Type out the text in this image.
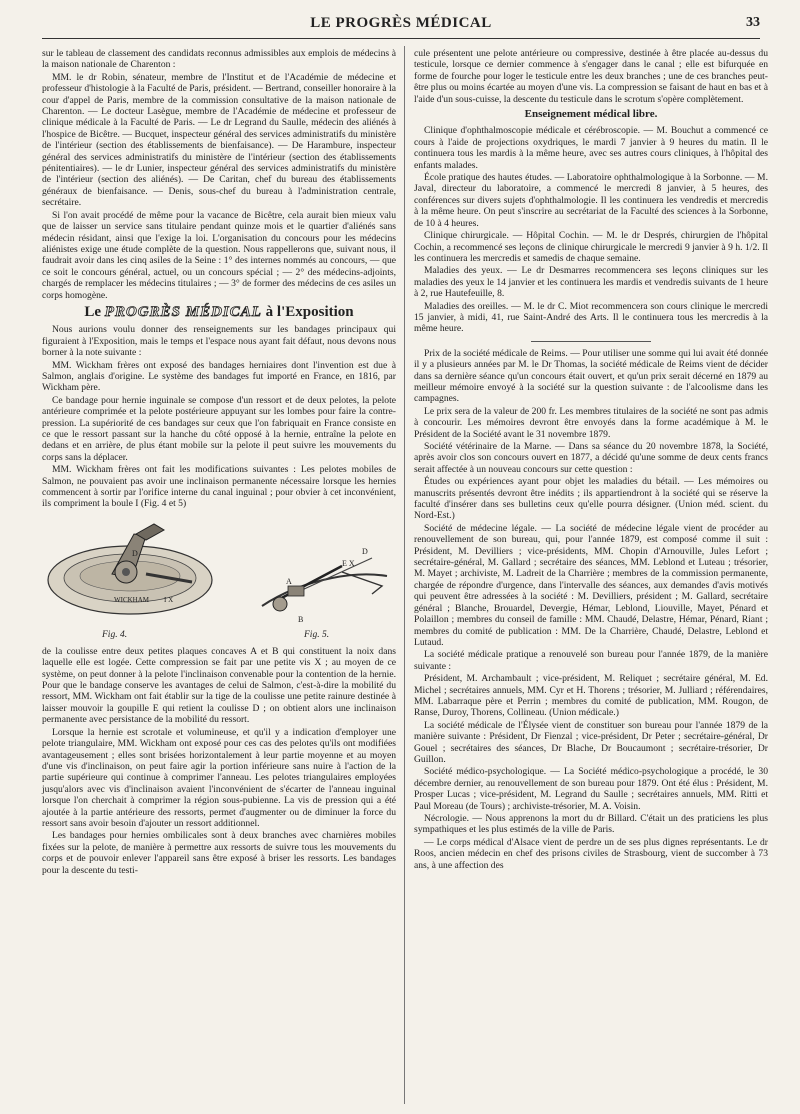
LE PROGRÈS MÉDICAL	33

sur le tableau de classement des candidats reconnus admissibles aux emplois de médecins à la maison nationale de Charenton :

MM. le dr Robin, sénateur, membre de l'Institut et de l'Académie de médecine et professeur d'histologie à la Faculté de Paris, président. — Bertrand, conseiller honoraire à la cour d'appel de Paris, membre de la commission consultative de la maison nationale de Charenton. — Le docteur Lasègue, membre de l'Académie de médecine et professeur de clinique médicale à la Faculté de Paris. — Le dr Legrand du Saulle, médecin des aliénés à l'hospice de Bicêtre. — Bucquet, inspecteur général des services administratifs du ministère de l'intérieur (section des établissements de bienfaisance). — De Harambure, inspecteur général des services administratifs du ministère de l'intérieur (section des établissements pénitentiaires). — le dr Lunier, inspecteur général des services administratifs du ministère de l'intérieur (section des aliénés). — De Caritan, chef du bureau des établissements généraux de bienfaisance. — Denis, sous-chef du bureau à l'administration centrale, secrétaire.

Si l'on avait procédé de même pour la vacance de Bicêtre, cela aurait bien mieux valu que de laisser un service sans titulaire pendant quinze mois et le quartier d'aliénés sans médecin résidant, ainsi que l'exige la loi. L'organisation du concours pour les médecins aliénistes exige une étude complète de la question. Nous rappellerons que, suivant nous, il faudrait avoir dans les cinq asiles de la Seine : 1° des internes nommés au concours, — que ce soit le concours général, actuel, ou un concours spécial ; — 2° des médecins-adjoints, chargés de remplacer les médecins titulaires ; — 3° de former des médecins de ces asiles un corps homogène.

Le PROGRÈS MÉDICAL à l'Exposition

Nous aurions voulu donner des renseignements sur les bandages principaux qui figuraient à l'Exposition, mais le temps et l'espace nous ayant fait défaut, nous devons nous borner à la note suivante :

MM. Wickham frères ont exposé des bandages herniaires dont l'invention est due à Salmon, anglais d'origine. Le système des bandages fut importé en France, en 1816, par Wickham père.

Ce bandage pour hernie inguinale se compose d'un ressort et de deux pelotes, la pelote antérieure comprimée et la pelote postérieure appuyant sur les lombes pour faire la contre-pression. La supériorité de ces bandages sur ceux que l'on fabriquait en France consiste en ce que le ressort passant sur la hanche du côté opposé à la hernie, entraîne la pelote en dedans et en arrière, de plus étant mobile sur la pelote il peut suivre les mouvements du corps sans la déplacer.

MM. Wickham frères ont fait les modifications suivantes : Les pelotes mobiles de Salmon, ne pouvaient pas avoir une inclinaison permanente nécessaire lorsque les hernies commencent à sortir par l'orifice interne du canal inguinal ; pour obvier à cet inconvénient, ils compriment la boule I (Fig. 4 et 5)

D
WICKHAM I X
D
E X
A
B
Fig. 4.	Fig. 5.

de la coulisse entre deux petites plaques concaves A et B qui constituent la noix dans laquelle elle est logée. Cette compression se fait par une petite vis X ; au moyen de ce système, on peut donner à la pelote l'inclinaison convenable pour la contention de la hernie. Pour que le bandage conserve les avantages de celui de Salmon, c'est-à-dire la mobilité du ressort, MM. Wickham ont fait établir sur la tige de la coulisse une petite rainure destinée à laisser mouvoir la goupille E qui retient la coulisse D ; on obtient alors une inclinaison permanente avec persistance de la mobilité du ressort.

Lorsque la hernie est scrotale et volumineuse, et qu'il y a indication d'employer une pelote triangulaire, MM. Wickham ont exposé pour ces cas des pelotes qu'ils ont modifiées avantageusement ; elles sont brisées horizontalement à leur partie moyenne et au moyen d'une vis d'inclinaison, on peut faire agir la portion inférieure sans nuire à l'action de la partie supérieure qui continue à comprimer l'anneau. Les pelotes triangulaires employées jusqu'alors avec vis d'inclinaison avaient l'inconvénient de s'écarter de l'anneau inguinal lorsque l'on cherchait à comprimer la région sous-pubienne. La vis de pression qui a été ajoutée à la partie antérieure des ressorts, permet d'augmenter ou de diminuer la force du ressort sans avoir besoin d'ajouter un ressort additionnel.

Les bandages pour hernies ombilicales sont à deux branches avec charnières mobiles fixées sur la pelote, de manière à permettre aux ressorts de suivre tous les mouvements du corps et de pouvoir enlever l'appareil sans être exposé à briser les ressorts. Les bandages pour la descente du testi-

cule présentent une pelote antérieure ou compressive, destinée à être placée au-dessus du testicule, lorsque ce dernier commence à s'engager dans le canal ; elle est bifurquée en forme de fourche pour loger le testicule entre les deux branches ; une de ces branches peut-être plus ou moins écartée au moyen d'une vis. La compression se faisant de haut en bas et à l'aide d'un sous-cuisse, la descente du testicule dans le scrotum s'opère complètement.

Enseignement médical libre.

Clinique d'ophthalmoscopie médicale et cérébroscopie. — M. Bouchut a commencé ce cours à l'aide de projections oxydriques, le mardi 7 janvier à 9 heures du matin. Il le continuera tous les mardis à la même heure, avec ses autres cours cliniques, à l'hôpital des enfants malades.

École pratique des hautes études. — Laboratoire ophthalmologique à la Sorbonne. — M. Javal, directeur du laboratoire, a commencé le mercredi 8 janvier, à 5 heures, des conférences sur divers sujets d'ophthalmologie. Il les continuera les vendredis et mercredis à la même heure. On peut s'inscrire au secrétariat de la Faculté des sciences à la Sorbonne, de 10 à 4 heures.

Clinique chirurgicale. — Hôpital Cochin. — M. le dr Després, chirurgien de l'hôpital Cochin, a recommencé ses leçons de clinique chirurgicale le mercredi 9 janvier à 9 h. 1/2. Il les continuera les mercredis et samedis de chaque semaine.

Maladies des yeux. — Le dr Desmarres recommencera ses leçons cliniques sur les maladies des yeux le 14 janvier et les continuera les mardis et vendredis suivants de 1 heure à 2, rue Hautefeuille, 8.

Maladies des oreilles. — M. le dr C. Miot recommencera son cours clinique le mercredi 15 janvier, à midi, 41, rue Saint-André des Arts. Il le continuera tous les mercredis à la même heure.

Prix de la société médicale de Reims. — Pour utiliser une somme qui lui avait été donnée il y a plusieurs années par M. le Dr Thomas, la société médicale de Reims vient de décider dans sa dernière séance qu'un concours était ouvert, et qu'un prix serait décerné en 1879 au meilleur mémoire envoyé à la société sur la question suivante : de l'alcoolisme dans les campagnes.

Le prix sera de la valeur de 200 fr. Les membres titulaires de la société ne sont pas admis à concourir. Les mémoires devront être envoyés dans la forme académique à M. le Président de la Société avant le 31 novembre 1879.

Société vétérinaire de la Marne. — Dans sa séance du 20 novembre 1878, la Société, après avoir clos son concours ouvert en 1877, a décidé qu'une somme de deux cents francs serait affectée à un nouveau concours sur cette question :

Études ou expériences ayant pour objet les maladies du bétail. — Les mémoires ou manuscrits présentés devront être inédits ; ils appartiendront à la société qui se réserve la faculté d'insérer dans ses bulletins ceux qu'elle pourra désigner. (Union méd. scient. du Nord-Est.)

Société de médecine légale. — La société de médecine légale vient de procéder au renouvellement de son bureau, qui, pour l'année 1879, est composé comme il suit : Président, M. Devilliers ; vice-présidents, MM. Chopin d'Arnouville, Jules Lefort ; secrétaire-général, M. Gallard ; secrétaire des séances, MM. Leblond et Luteau ; trésorier, M. Mayet ; archiviste, M. Ladreit de la Charrière ; membres de la commission permanente, chargée de répondre d'urgence, dans l'intervalle des séances, aux demandes d'avis motivés qui peuvent être adressées à la société : M. Devilliers, président ; M. Gallard, secrétaire général ; Blanche, Brouardel, Devergie, Hémar, Leblond, Liouville, Mayet, Pénard et Polaillon ; membres du conseil de famille : MM. Chaudé, Delastre, Hémar, Pénard, Riant ; membres du comité de publication : MM. De la Charrière, Chaudé, Delastre, Leblond et Lutaud.

La société médicale pratique a renouvelé son bureau pour l'année 1879, de la manière suivante :

Président, M. Archambault ; vice-président, M. Reliquet ; secrétaire général, M. Ed. Michel ; secrétaires annuels, MM. Cyr et H. Thorens ; trésorier, M. Julliard ; référendaires, MM. Labarraque père et Perrin ; membres du comité de publication, MM. Rougon, de Ranse, Duroy, Thorens, Collineau. (Union médicale.)

La société médicale de l'Élysée vient de constituer son bureau pour l'année 1879 de la manière suivante : Président, Dr Fienzal ; vice-président, Dr Peter ; secrétaire-général, Dr Gouel ; secrétaires des séances, Dr Blache, Dr Boucaumont ; secrétaire-trésorier, Dr Guillon.

Société médico-psychologique. — La Société médico-psychologique a procédé, le 30 décembre dernier, au renouvellement de son bureau pour 1879. Ont été élus : Président, M. Prosper Lucas ; vice-président, M. Legrand du Saulle ; secrétaires annuels, MM. Ritti et Paul Moreau (de Tours) ; archiviste-trésorier, M. A. Voisin.

Nécrologie. — Nous apprenons la mort du dr Billard. C'était un des praticiens les plus sympathiques et les plus estimés de la ville de Paris.

— Le corps médical d'Alsace vient de perdre un de ses plus dignes représentants. Le dr Roos, ancien médecin en chef des prisons civiles de Strasbourg, vient de succomber à 73 ans, à une affection des
